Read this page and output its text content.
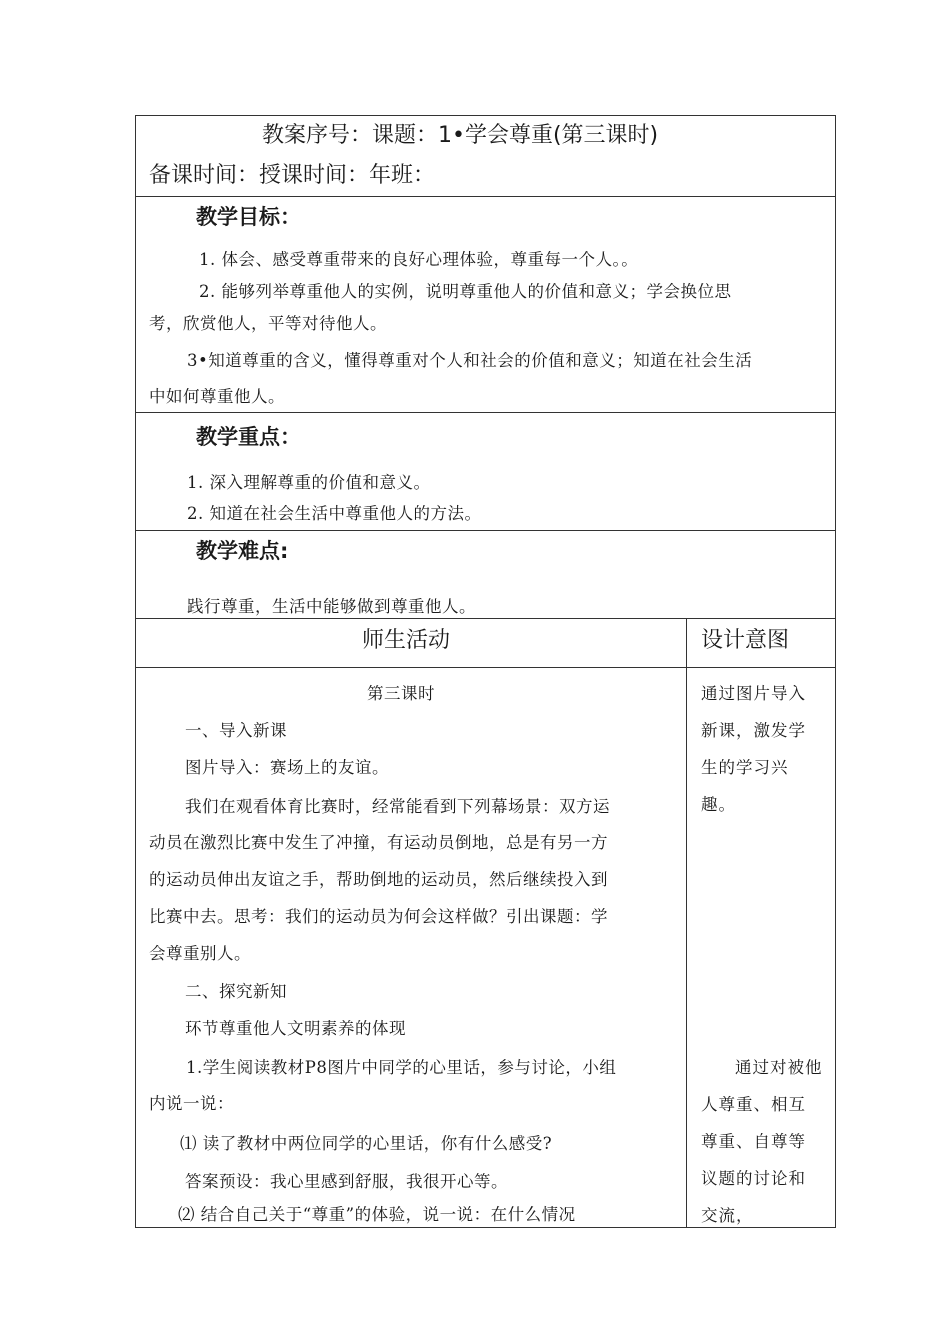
教案序号：课题：1•学会尊重(第三课时)
备课时间：授课时间：年班：
教学目标：
1. 体会、感受尊重带来的良好心理体验，尊重每一个人。。
2. 能够列举尊重他人的实例，说明尊重他人的价值和意义；学会换位思
考，欣赏他人，平等对待他人。
3•知道尊重的含义，懂得尊重对个人和社会的价值和意义；知道在社会生活
中如何尊重他人。
教学重点：
1. 深入理解尊重的价值和意义。
2. 知道在社会生活中尊重他人的方法。
教学难点:
践行尊重，生活中能够做到尊重他人。
师生活动	设计意图
第三课时
一、导入新课
图片导入：赛场上的友谊。
我们在观看体育比赛时，经常能看到下列幕场景：双方运
动员在激烈比赛中发生了冲撞，有运动员倒地，总是有另一方
的运动员伸出友谊之手，帮助倒地的运动员，然后继续投入到
比赛中去。思考：我们的运动员为何会这样做？引出课题：学
会尊重别人。
二、探究新知
环节尊重他人文明素养的体现
1.学生阅读教材P8图片中同学的心里话，参与讨论，小组
内说一说：
⑴ 读了教材中两位同学的心里话，你有什么感受?
答案预设：我心里感到舒服，我很开心等。
⑵ 结合自己关于“尊重”的体验，说一说：在什么情况
通过图片导入
新课，激发学
生的学习兴
趣。
通过对被他
人尊重、相互
尊重、自尊等
议题的讨论和
交流，
